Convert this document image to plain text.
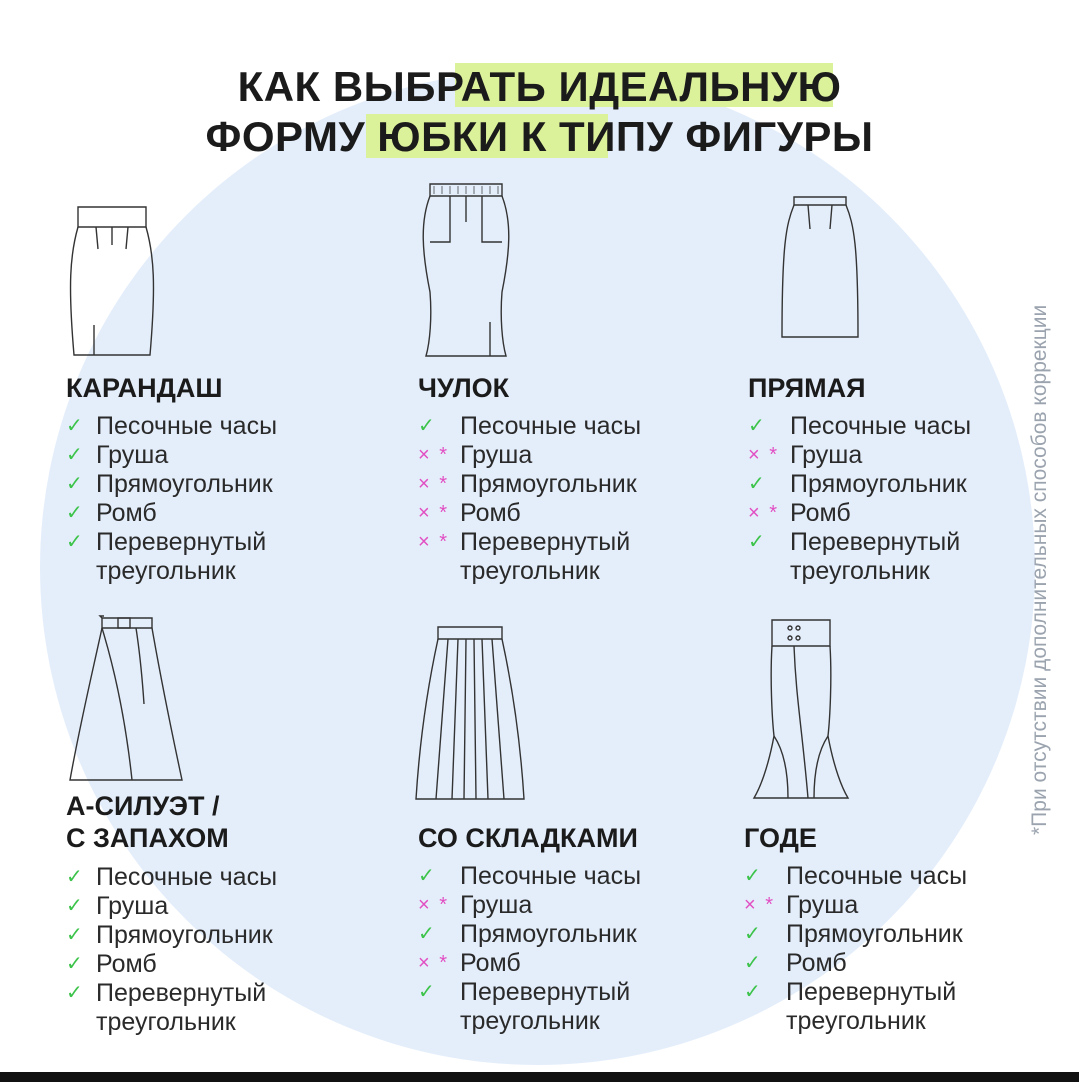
КАК ВЫБРАТЬ ИДЕАЛЬНУЮ
ФОРМУ ЮБКИ К ТИПУ ФИГУРЫ
*При отсутствии дополнительных способов коррекции
КАРАНДАШ
✓ Песочные часы
✓ Груша
✓ Прямоугольник
✓ Ромб
✓ Перевернутый
треугольник
ЧУЛОК
✓	Песочные часы
× * Груша
× * Прямоугольник
× * Ромб
× * Перевернутый
треугольник
ПРЯМАЯ
✓	Песочные часы
× * Груша
✓	Прямоугольник
× * Ромб
✓	Перевернутый
треугольник
А-СИЛУЭТ /
С ЗАПАХОМ
✓ Песочные часы
✓ Груша
✓ Прямоугольник
✓ Ромб
✓ Перевернутый
треугольник
СО СКЛАДКАМИ
✓	Песочные часы
× * Груша
✓	Прямоугольник
× * Ромб
✓	Перевернутый
треугольник
ГОДЕ
✓	Песочные часы
× * Груша
✓	Прямоугольник
✓	Ромб
✓	Перевернутый
треугольник
